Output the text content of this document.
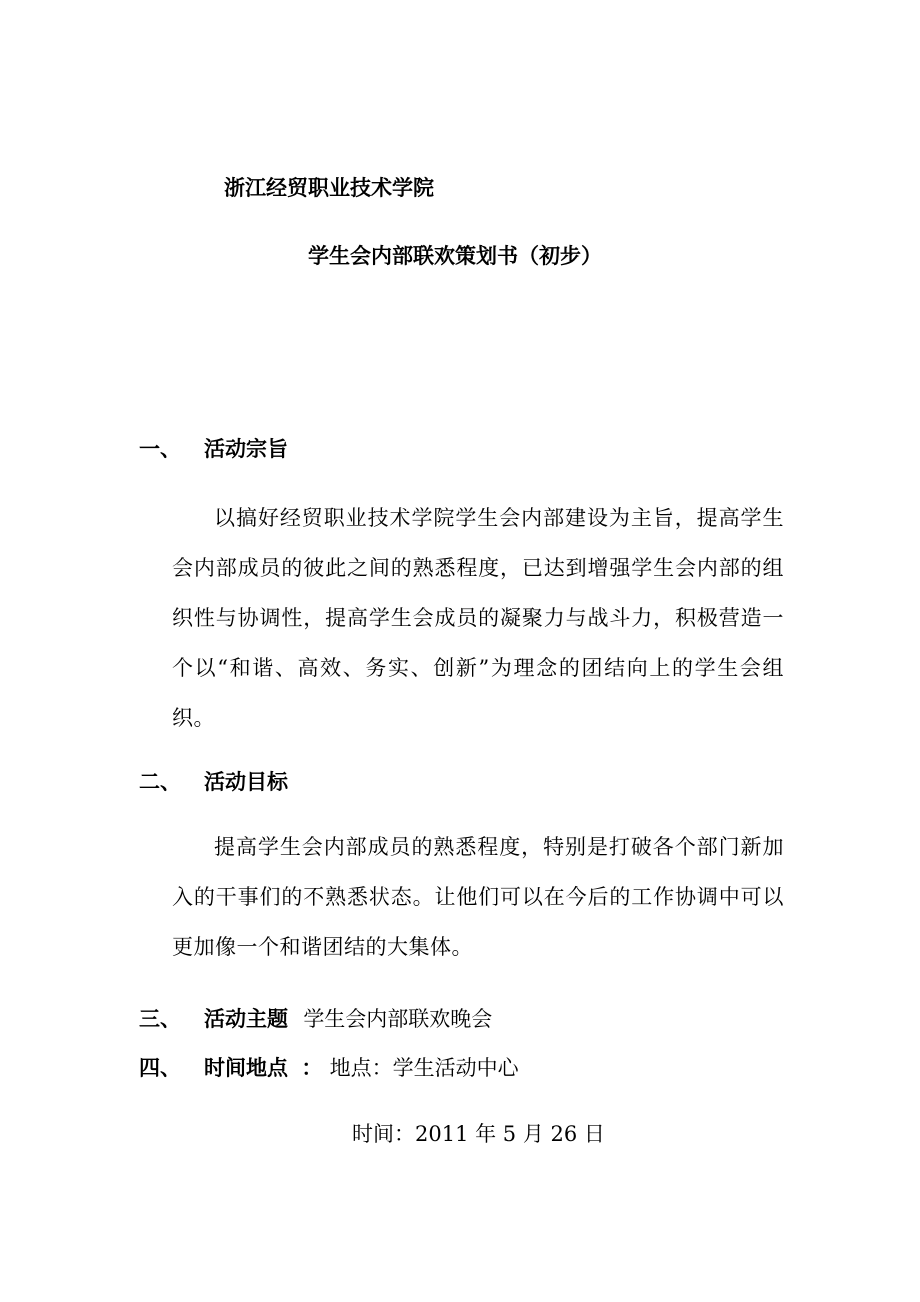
浙江经贸职业技术学院
学生会内部联欢策划书（初步）
一、 活动宗旨
以搞好经贸职业技术学院学生会内部建设为主旨，提高学生会内部成员的彼此之间的熟悉程度，已达到增强学生会内部的组织性与协调性，提高学生会成员的凝聚力与战斗力，积极营造一个以“和谐、高效、务实、创新”为理念的团结向上的学生会组织。
二、 活动目标
提高学生会内部成员的熟悉程度，特别是打破各个部门新加入的干事们的不熟悉状态。让他们可以在今后的工作协调中可以更加像一个和谐团结的大集体。
三、 活动主题 学生会内部联欢晚会
四、 时间地点 ： 地点：学生活动中心
时间：2011 年 5 月 26 日
